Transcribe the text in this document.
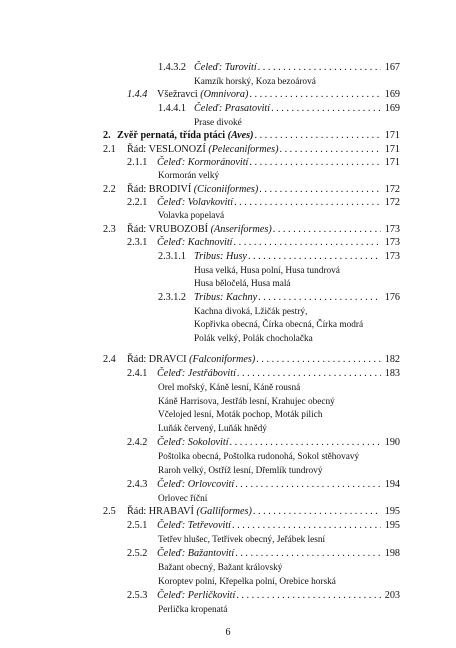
1.4.3.2 Čeleď: Turovití . . .	167
Kamzík horský, Koza bezoárová
1.4.4 Všežravci
(Omnivora) . . .	169
1.4.4.1 Čeleď: Prasatovití . . .	169
Prase divoké
2. Zvěř pernatá, třída ptáci
(Aves) . . .	171
2.1	Řád: VESLONOZÍ
(Pelecaniformes) . . .	171
2.1.1 Čeleď: Kormoránovití . . .	171
Kormorán velký
2.2	Řád: BRODIVÍ
(Ciconiiformes) . . .	172
2.2.1 Čeleď: Volavkovití . . .	172
Volavka popelavá
2.3	Řád: VRUBOZOBÍ
(Anseriformes) . . .	173
2.3.1 Čeleď: Kachnovití . . .	173
2.3.1.1 Tribus: Husy . . .	173
Husa velká, Husa polní, Husa tundrová
Husa běločelá, Husa malá
2.3.1.2 Tribus: Kachny . . .	176
Kachna divoká, Lžičák pestrý,
Kopřivka obecná, Čírka obecná, Čírka modrá
Polák velký, Polák chocholačka
2.4	Řád: DRAVCI
(Falconiformes) . . .	182
2.4.1 Čeleď: Jestřábovití . . .	183
Orel mořský, Káně lesní, Káně rousná
Káně Harrisova, Jestřáb lesní, Krahujec obecný
Včelojed lesní, Moták pochop, Moták pilich
Luňák červený, Luňák hnědý
2.4.2 Čeleď: Sokolovití . . .	190
Poštolka obecná, Poštolka rudonohá, Sokol stěhovavý
Raroh velký, Ostříž lesní, Dřemlík tundrový
2.4.3 Čeleď: Orlovcovití . . .	194
Orlovec říční
2.5	Řád: HRABAVÍ
(Galliformes) . . .	195
2.5.1 Čeleď: Tetřevovití . . .	195
Tetřev hlušec, Tetřívek obecný, Jeřábek lesní
2.5.2 Čeleď: Bažantovití . . .	198
Bažant obecný, Bažant královský
Koroptev polní, Křepelka polní, Orebice horská
2.5.3 Čeleď: Perličkovití . . .	203
Perlička kropenatá
6
